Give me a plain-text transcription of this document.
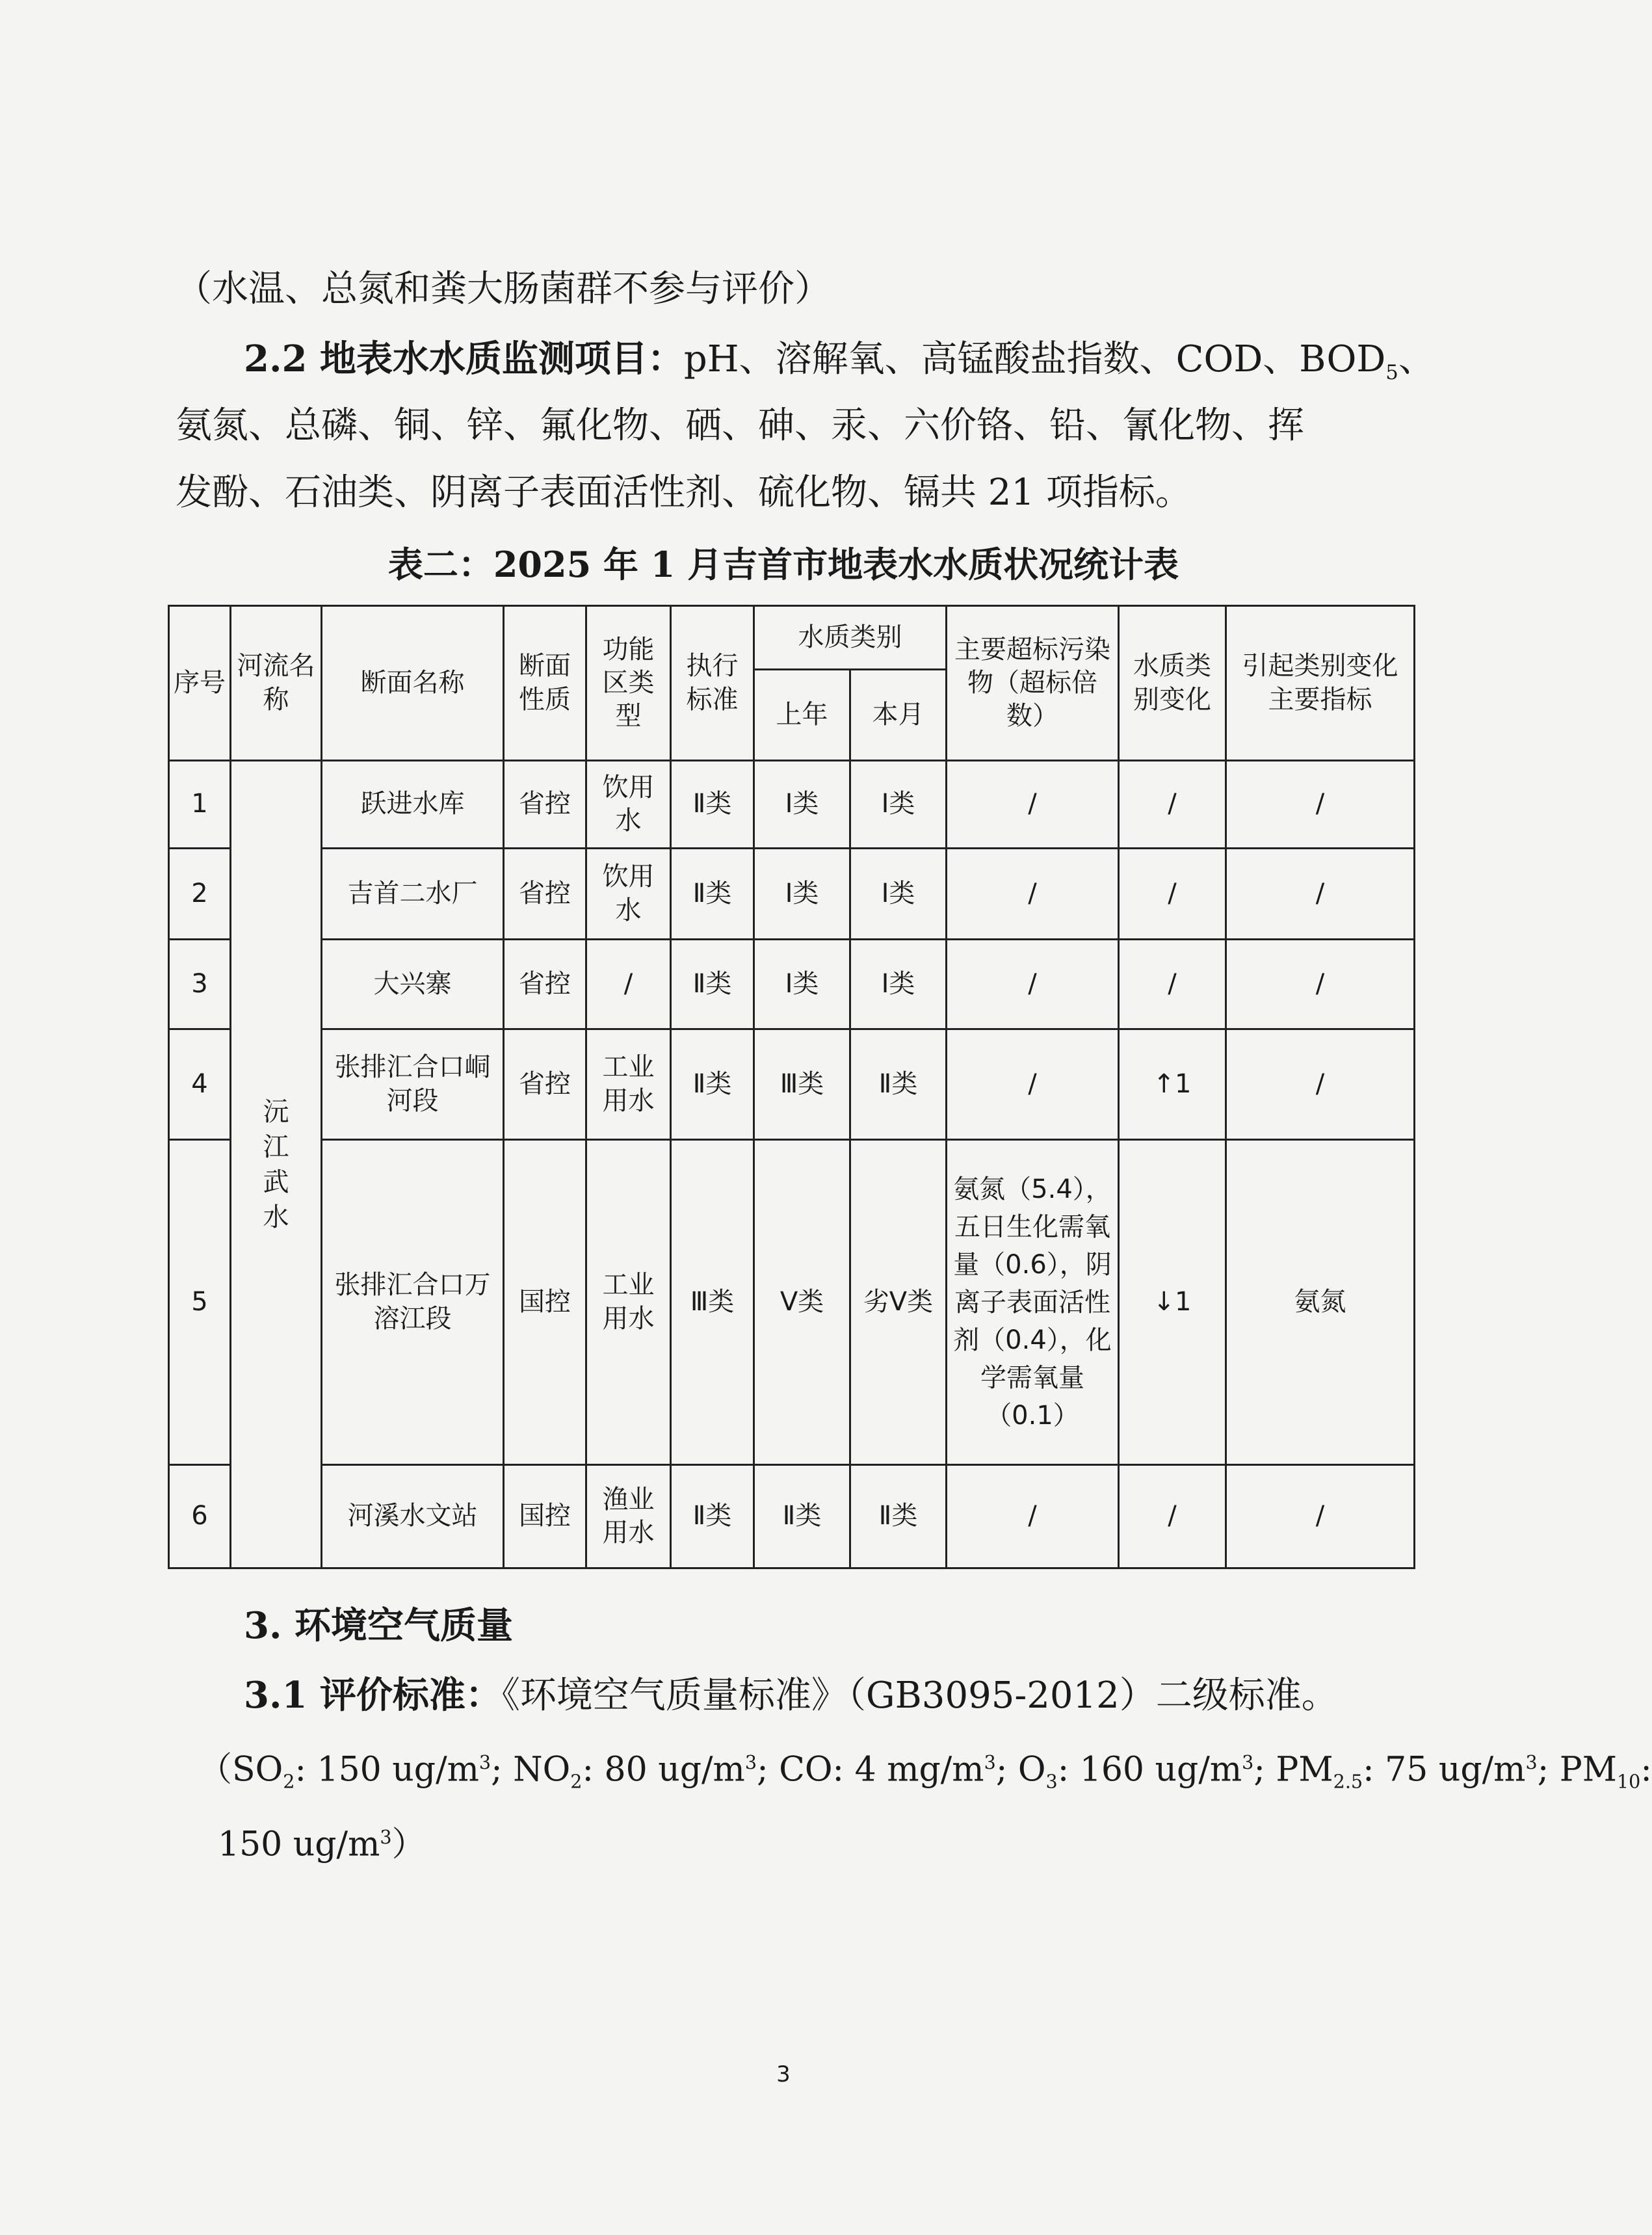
（水温、总氮和粪大肠菌群不参与评价）
2.2 地表水水质监测项目：pH、溶解氧、高锰酸盐指数、COD、$BOD_5$、
氨氮、总磷、铜、锌、氟化物、硒、砷、汞、六价铬、铅、氰化物、挥
发酚、石油类、阴离子表面活性剂、硫化物、镉共 21 项指标。
表二：2025 年 1 月吉首市地表水水质状况统计表
序号	河流名称	断面名称	断面性质	功能区类型	执行标准	水质类别		主要超标污染物（超标倍数）	水质类别变化	引起类别变化主要指标
						上年	本月			
1	沅江武水	跃进水库	省控	饮用水	Ⅱ类	Ⅰ类	Ⅰ类	/	/	/
2		吉首二水厂	省控	饮用水	Ⅱ类	Ⅰ类	Ⅰ类	/	/	/
3		大兴寨	省控	/	Ⅱ类	Ⅰ类	Ⅰ类	/	/	/
4		张排汇合口峒河段	省控	工业用水	Ⅱ类	Ⅲ类	Ⅱ类	/	↑1	/
5		张排汇合口万溶江段	国控	工业用水	Ⅲ类	Ⅴ类	劣Ⅴ类	氨氮（5.4），五日生化需氧量（0.6），阴离子表面活性剂（0.4），化学需氧量（0.1）	↓1	氨氮
6		河溪水文站	国控	渔业用水	Ⅱ类	Ⅱ类	Ⅱ类	/	/	/
3. 环境空气质量
3.1 评价标准：《环境空气质量标准》（GB3095-2012）二级标准。
（$SO_2$: 150 $ug/m^3$; $NO_2$: 80 $ug/m^3$; CO: 4 $mg/m^3$; $O_3$: 160 $ug/m^3$; $PM_{2.5}$: 75 $ug/m^3$; $PM_{10}$:
150 $ug/m^3$）
3
